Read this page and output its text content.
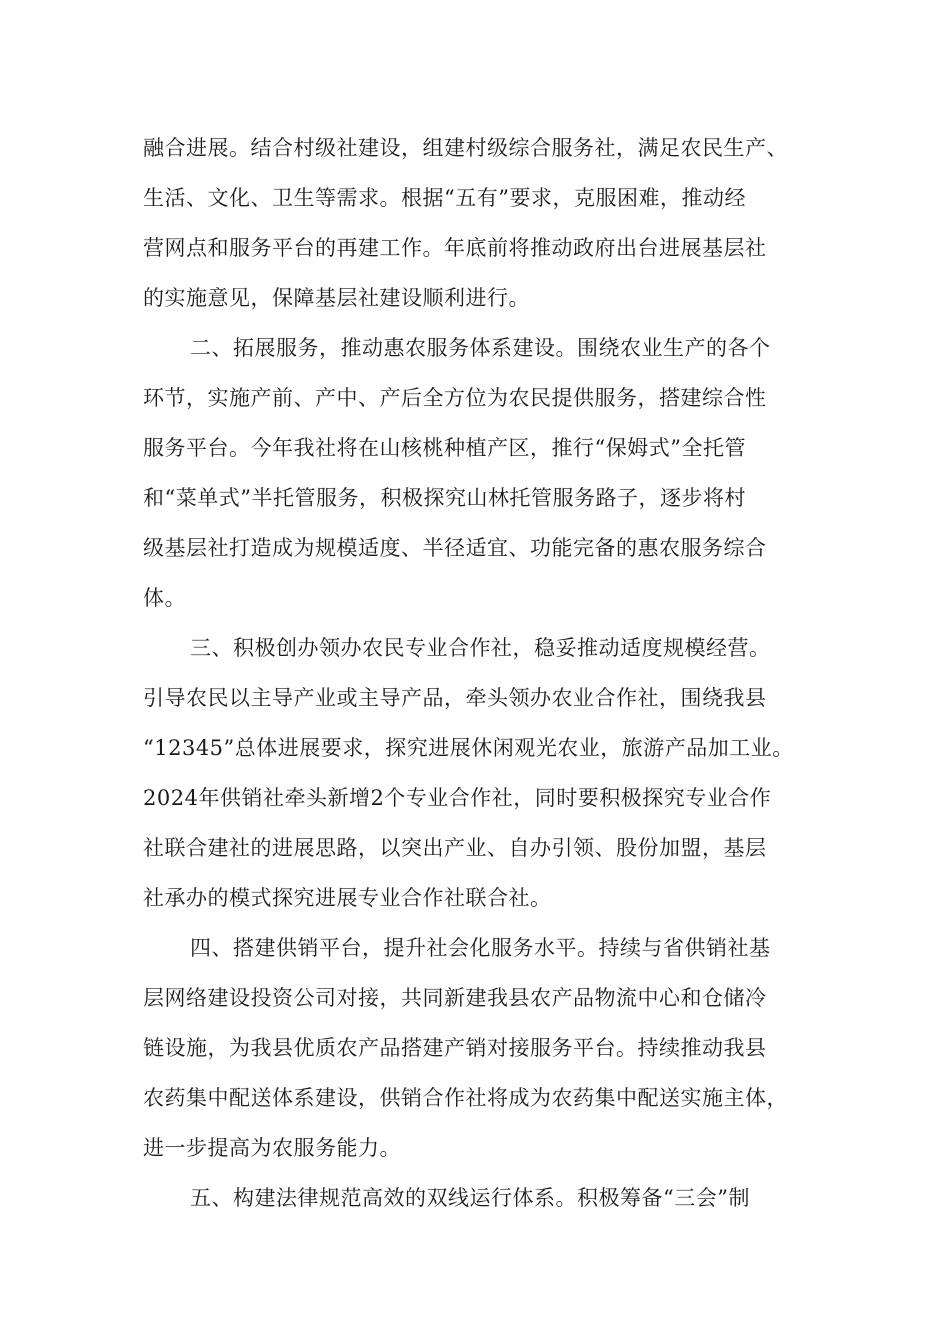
融合进展。结合村级社建设，组建村级综合服务社，满足农民生产、
生活、文化、卫生等需求。根据“五有”要求，克服困难，推动经
营网点和服务平台的再建工作。年底前将推动政府出台进展基层社
的实施意见，保障基层社建设顺利进行。
二、拓展服务，推动惠农服务体系建设。围绕农业生产的各个
环节，实施产前、产中、产后全方位为农民提供服务，搭建综合性
服务平台。今年我社将在山核桃种植产区，推行“保姆式”全托管
和“菜单式”半托管服务，积极探究山林托管服务路子，逐步将村
级基层社打造成为规模适度、半径适宜、功能完备的惠农服务综合
体。
三、积极创办领办农民专业合作社，稳妥推动适度规模经营。
引导农民以主导产业或主导产品，牵头领办农业合作社，围绕我县
“12345”总体进展要求，探究进展休闲观光农业，旅游产品加工业。
2024年供销社牵头新增2个专业合作社，同时要积极探究专业合作
社联合建社的进展思路，以突出产业、自办引领、股份加盟，基层
社承办的模式探究进展专业合作社联合社。
四、搭建供销平台，提升社会化服务水平。持续与省供销社基
层网络建设投资公司对接，共同新建我县农产品物流中心和仓储冷
链设施，为我县优质农产品搭建产销对接服务平台。持续推动我县
农药集中配送体系建设，供销合作社将成为农药集中配送实施主体，
进一步提高为农服务能力。
五、构建法律规范高效的双线运行体系。积极筹备“三会”制
